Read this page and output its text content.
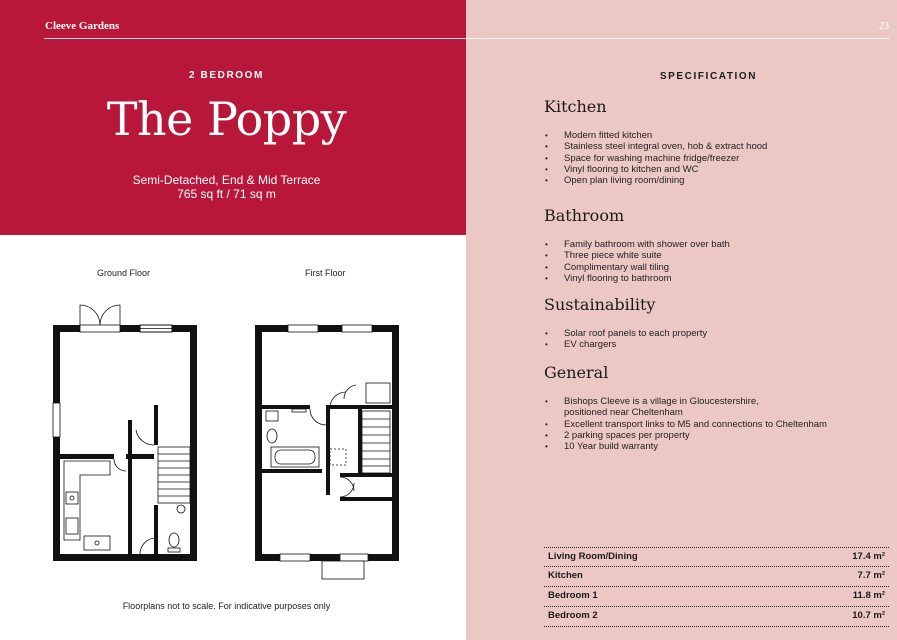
Cleeve Gardens	23
2 BEDROOM
The Poppy
Semi-Detached, End & Mid Terrace
765 sq ft / 71 sq m
Ground Floor	First Floor
Floorplans not to scale. For indicative purposes only
SPECIFICATION
Kitchen
• Modern fitted kitchen
• Stainless steel integral oven, hob & extract hood
• Space for washing machine fridge/freezer
• Vinyl flooring to kitchen and WC
• Open plan living room/dining
Bathroom
• Family bathroom with shower over bath
• Three piece white suite
• Complimentary wall tiling
• Vinyl flooring to bathroom
Sustainability
• Solar roof panels to each property
• EV chargers
General
• Bishops Cleeve is a village in Gloucestershire,
positioned near Cheltenham
• Excellent transport links to M5 and connections to Cheltenham
• 2 parking spaces per property
• 10 Year build warranty
Living Room/Dining	17.4 m²
Kitchen	7.7 m²
Bedroom 1	11.8 m²
Bedroom 2	10.7 m²
